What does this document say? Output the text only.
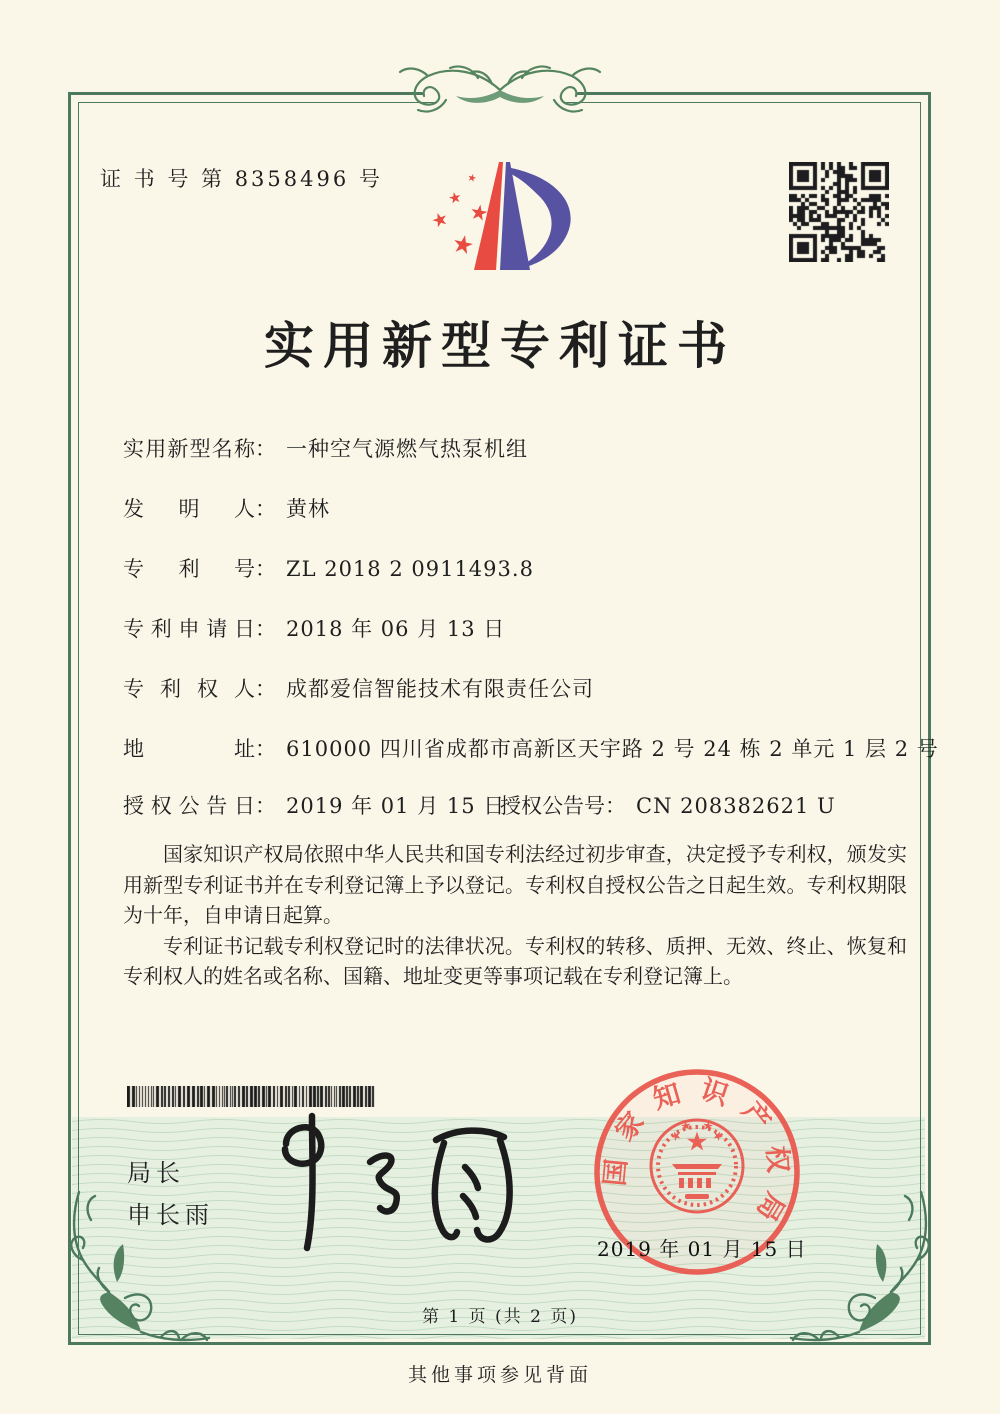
证 书 号 第 8358496 号
实用新型专利证书
实用新型名称： 一种空气源燃气热泵机组
发明人： 黄林
专利号： ZL 2018 2 0911493.8
专利申请日： 2018 年 06 月 13 日
专利权人： 成都爱信智能技术有限责任公司
地址： 610000 四川省成都市高新区天宇路 2 号 24 栋 2 单元 1 层 2 号
授权公告日： 2019 年 01 月 15 日
授权公告号： CN 208382621 U

国家知识产权局依照中华人民共和国专利法经过初步审查，决定授予专利权，颁发实用新型专利证书并在专利登记簿上予以登记。专利权自授权公告之日起生效。专利权期限为十年，自申请日起算。

专利证书记载专利权登记时的法律状况。专利权的转移、质押、无效、终止、恢复和专利权人的姓名或名称、国籍、地址变更等事项记载在专利登记簿上。

局长
申长雨
国家知识产权局
2019 年 01 月 15 日
第 1 页 (共 2 页)
其他事项参见背面
